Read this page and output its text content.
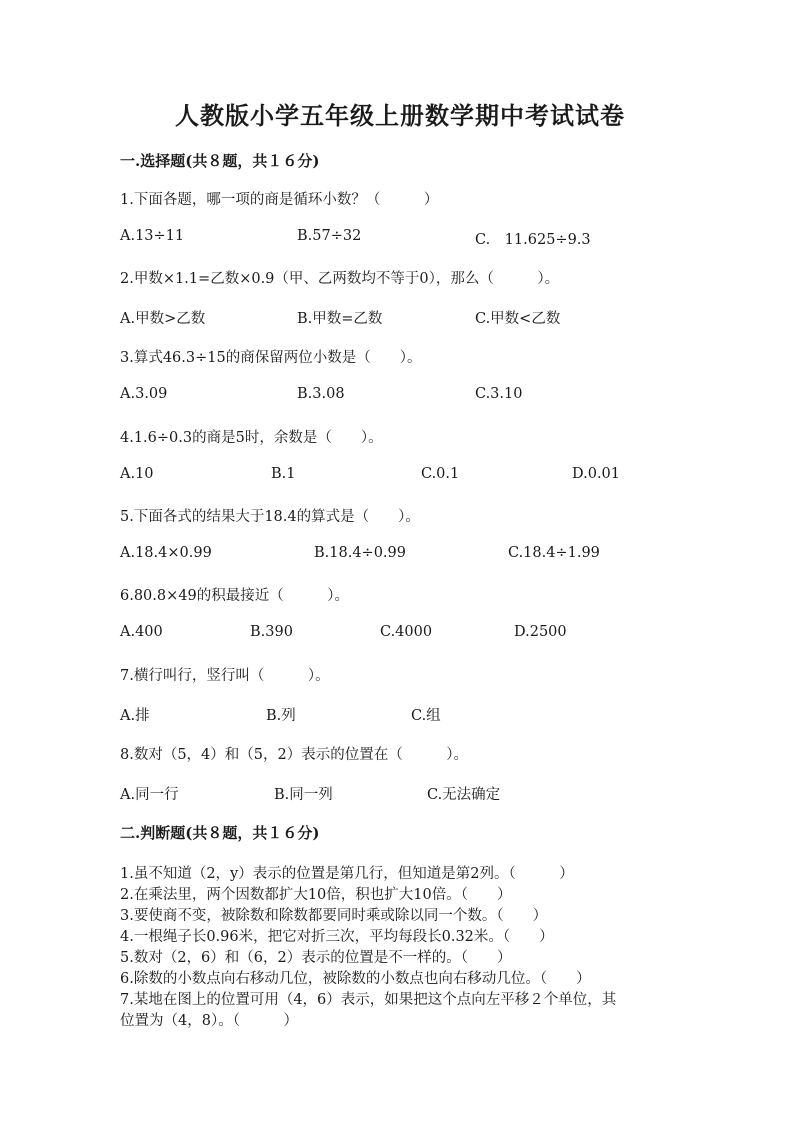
人教版小学五年级上册数学期中考试试卷
一.选择题(共８题，共１６分)
1.下面各题，哪一项的商是循环小数？（　　　）
A.13÷11	B.57÷32	C.　11.625÷9.3
2.甲数×1.1=乙数×0.9（甲、乙两数均不等于0），那么（　　　）。
A.甲数>乙数	B.甲数=乙数	C.甲数<乙数
3.算式46.3÷15的商保留两位小数是（　　）。
A.3.09	B.3.08	C.3.10
4.1.6÷0.3的商是5时，余数是（　　）。
A.10	B.1	C.0.1	D.0.01
5.下面各式的结果大于18.4的算式是（　　）。
A.18.4×0.99	B.18.4÷0.99	C.18.4÷1.99
6.80.8×49的积最接近（　　　）。
A.400	B.390	C.4000	D.2500
7.横行叫行，竖行叫（　　　）。
A.排	B.列	C.组
8.数对（5，4）和（5，2）表示的位置在（　　　）。
A.同一行	B.同一列	C.无法确定
二.判断题(共８题，共１６分)
1.虽不知道（2，y）表示的位置是第几行，但知道是第2列。（　　　）
2.在乘法里，两个因数都扩大10倍，积也扩大10倍。（　　）
3.要使商不变，被除数和除数都要同时乘或除以同一个数。（　　）
4.一根绳子长0.96米，把它对折三次，平均每段长0.32米。（　　）
5.数对（2，6）和（6，2）表示的位置是不一样的。（　　）
6.除数的小数点向右移动几位，被除数的小数点也向右移动几位。（　　）
7.某地在图上的位置可用（4，6）表示，如果把这个点向左平移２个单位，其
位置为（4，8）。（　　　）
